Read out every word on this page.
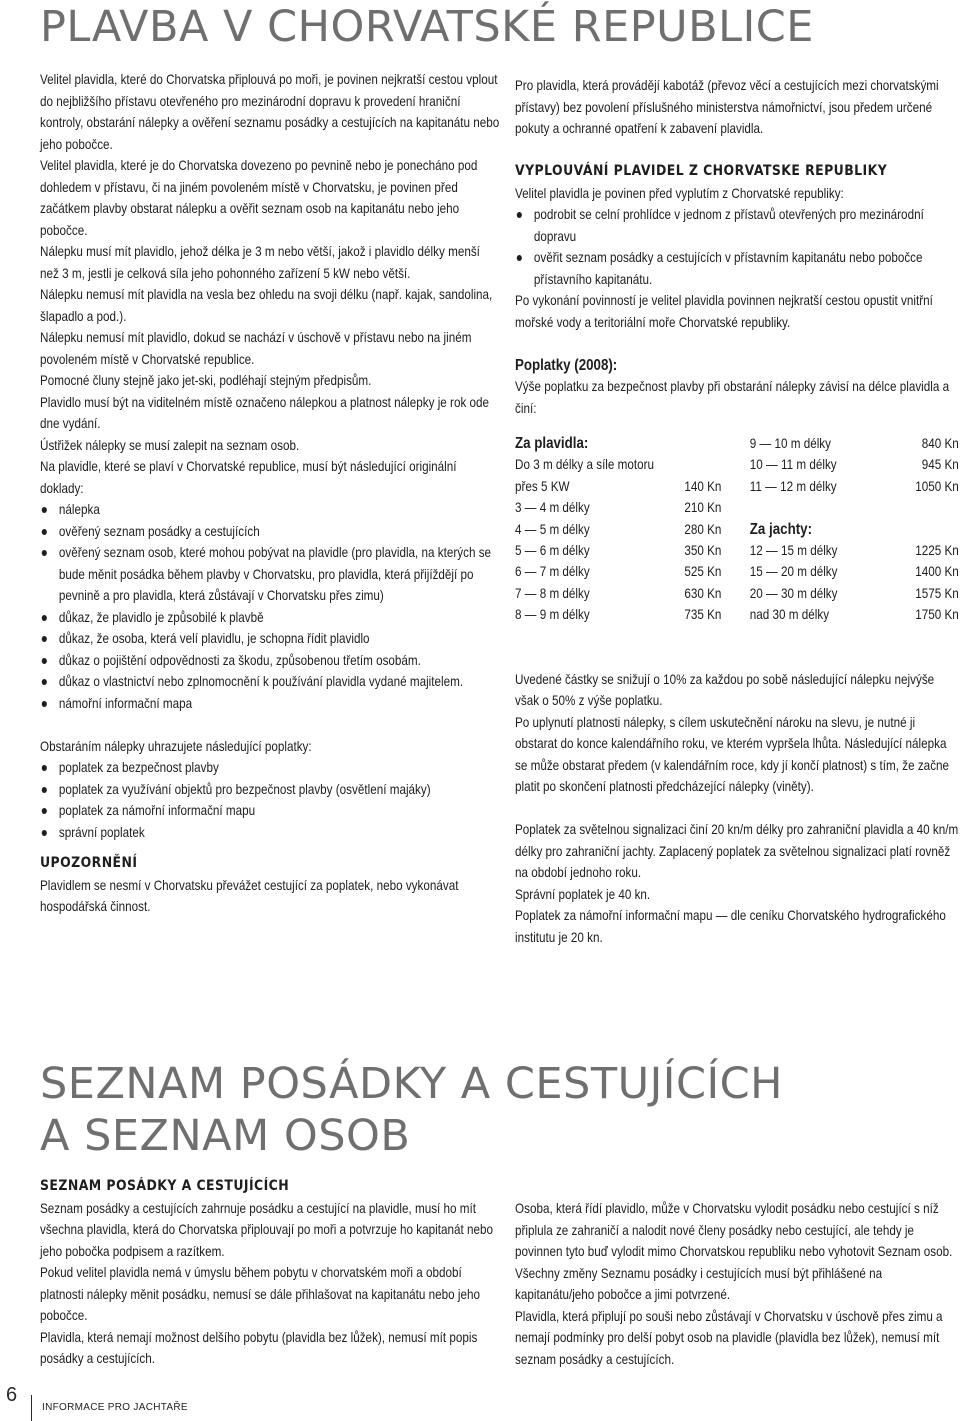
PLAVBA V CHORVATSKÉ REPUBLICE

Velitel plavidla, které do Chorvatska připlouvá po moři, je povinen nejkratší cestou vplout do nejbližšího přístavu otevřeného pro mezinárodní dopravu k provedení hraniční kontroly, obstarání nálepky a ověření seznamu posádky a cestujících na kapitanátu nebo jeho pobočce.

Velitel plavidla, které je do Chorvatska dovezeno po pevnině nebo je ponecháno pod dohledem v přístavu, či na jiném povoleném místě v Chorvatsku, je povinen před začátkem plavby obstarat nálepku a ověřit seznam osob na kapitanátu nebo jeho pobočce.

Nálepku musí mít plavidlo, jehož délka je 3 m nebo větší, jakož i plavidlo délky menší než 3 m, jestli je celková síla jeho pohonného zařízení 5 kW nebo větší.

Nálepku nemusí mít plavidla na vesla bez ohledu na svoji délku (např. kajak, sandolina, šlapadlo a pod.).

Nálepku nemusí mít plavidlo, dokud se nachází v úschově v přístavu nebo na jiném povoleném místě v Chorvatské republice.

Pomocné čluny stejně jako jet-ski, podléhají stejným předpisům.

Plavidlo musí být na viditelném místě označeno nálepkou a platnost nálepky je rok ode dne vydání.

Ústřižek nálepky se musí zalepit na seznam osob.

Na plavidle, které se plaví v Chorvatské republice, musí být následující originální doklady:

nálepka
ověřený seznam posádky a cestujících
ověřený seznam osob, které mohou pobývat na plavidle (pro plavidla, na kterých se bude měnit posádka během plavby v Chorvatsku, pro plavidla, která přijíždějí po pevnině a pro plavidla, která zůstávají v Chorvatsku přes zimu)
důkaz, že plavidlo je způsobilé k plavbě
důkaz, že osoba, která velí plavidlu, je schopna řídit plavidlo
důkaz o pojištění odpovědnosti za škodu, způsobenou třetím osobám.
důkaz o vlastnictví nebo zplnomocnění k používání plavidla vydané majitelem.
námořní informační mapa

Obstaráním nálepky uhrazujete následující poplatky:

poplatek za bezpečnost plavby
poplatek za využívání objektů pro bezpečnost plavby (osvětlení majáky)
poplatek za námořní informační mapu
správní poplatek

UPOZORNĚNÍ

Plavidlem se nesmí v Chorvatsku převážet cestující za poplatek, nebo vykonávat hospodářská činnost.

Pro plavidla, která provádějí kabotáž (převoz věcí a cestujících mezi chorvatskými přístavy) bez povolení příslušného ministerstva námořnictví, jsou předem určené pokuty a ochranné opatření k zabavení plavidla.

VYPLOUVÁNÍ PLAVIDEL Z CHORVATSKE REPUBLIKY

Velitel plavidla je povinen před vyplutím z Chorvatské republiky:

podrobit se celní prohlídce v jednom z přístavů otevřených pro mezinárodní dopravu
ověřit seznam posádky a cestujících v přístavním kapitanátu nebo pobočce přístavního kapitanátu.

Po vykonání povinností je velitel plavidla povinnen nejkratší cestou opustit vnitřní mořské vody a teritoriální moře Chorvatské republiky.

Poplatky (2008):

Výše poplatku za bezpečnost plavby při obstarání nálepky závisí na délce plavidla a činí:

Za plavidla:	9 — 10 m délky	840 Kn
Do 3 m délky a síle motoru	10 — 11 m délky	945 Kn
přes 5 KW	140 Kn 11 — 12 m délky	1050 Kn
3 — 4 m délky	210 Kn
4 — 5 m délky	280 Kn Za jachty:
5 — 6 m délky	350 Kn 12 — 15 m délky	1225 Kn
6 — 7 m délky	525 Kn 15 — 20 m délky	1400 Kn
7 — 8 m délky	630 Kn 20 — 30 m délky	1575 Kn
8 — 9 m délky	735 Kn nad 30 m délky	1750 Kn

Uvedené částky se snižují o 10% za každou po sobě následující nálepku nejvýše však o 50% z výše poplatku.

Po uplynutí platnosti nálepky, s cílem uskutečnění nároku na slevu, je nutné ji obstarat do konce kalendářního roku, ve kterém vypršela lhůta. Následující nálepka se může obstarat předem (v kalendářním roce, kdy jí končí platnost) s tím, že začne platit po skončení platnosti předcházející nálepky (viněty).

Poplatek za světelnou signalizaci činí 20 kn/m délky pro zahraniční plavidla a 40 kn/m délky pro zahraniční jachty. Zaplacený poplatek za světelnou signalizaci platí rovněž na období jednoho roku.

Správní poplatek je 40 kn.

Poplatek za námořní informační mapu — dle ceníku Chorvatského hydrografického institutu je 20 kn.

SEZNAM POSÁDKY A CESTUJÍCÍCH
A SEZNAM OSOB

SEZNAM POSÁDKY A CESTUJÍCÍCH

Seznam posádky a cestujících zahrnuje posádku a cestující na plavidle, musí ho mít všechna plavidla, která do Chorvatska připlouvají po moři a potvrzuje ho kapitanát nebo jeho pobočka podpisem a razítkem.

Pokud velitel plavidla nemá v úmyslu během pobytu v chorvatském moři a období platnosti nálepky měnit posádku, nemusí se dále přihlašovat na kapitanátu nebo jeho pobočce.

Plavidla, která nemají možnost delšího pobytu (plavidla bez lůžek), nemusí mít popis posádky a cestujících.

Osoba, která řídí plavidlo, může v Chorvatsku vylodit posádku nebo cestující s níž připlula ze zahraničí a nalodit nové členy posádky nebo cestující, ale tehdy je povinnen tyto buď vylodit mimo Chorvatskou republiku nebo vyhotovit Seznam osob. Všechny změny Seznamu posádky i cestujících musí být přihlášené na kapitanátu/jeho pobočce a jimi potvrzené.

Plavidla, která připlují po souši nebo zůstávají v Chorvatsku v úschově přes zimu a nemají podmínky pro delší pobyt osob na plavidle (plavidla bez lůžek), nemusí mít seznam posádky a cestujících.

6
INFORMACE PRO JACHTAŘE
